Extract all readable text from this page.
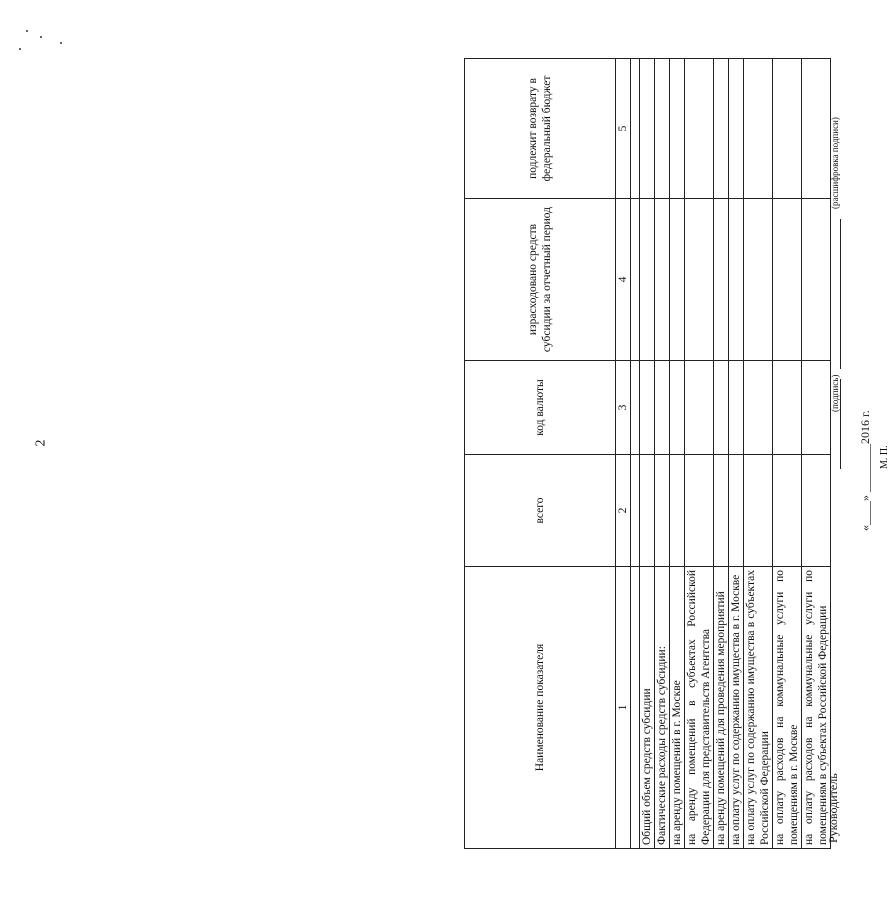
2
Наименование показателя	всего	код валюты	израсходовано средств субсидии за отчетный период	подлежит возврату в федеральный бюджет
1	2	3	4	5

Общий объем средств субсидии				
Фактические расходы средств субсидии:				
на аренду помещений в г. Москве				
на аренду помещений в субъектах Российской Федерации для представительств Агентства				
на аренду помещений для проведения мероприятий				
на оплату услуг по содержанию имущества в г. Москве				
на оплату услуг по содержанию имущества в субъектах Российской Федерации				
на оплату расходов на коммунальные услуги по помещениям в г. Москве				
на оплату расходов на коммунальные услуги по помещениям в субъектах Российской Федерации				
Руководитель
(подпись)
(расшифровка подписи)
«____» ________2016 г. М. П.
